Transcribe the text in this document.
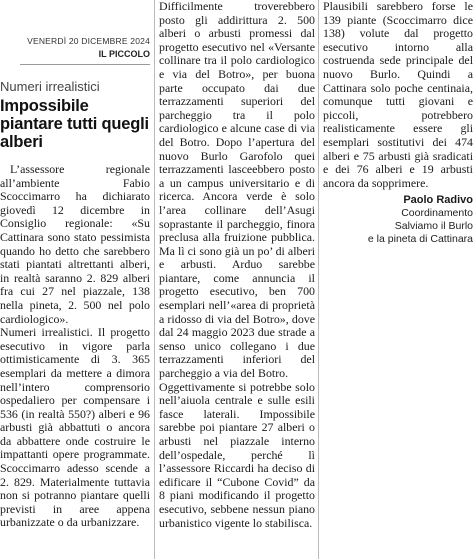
VENERDÌ 20 DICEMBRE 2024
IL PICCOLO
Numeri irrealistici
Impossibile piantare tutti quegli alberi

L’assessore regionale all’ambiente Fabio Scoccimarro ha dichiarato giovedì 12 dicembre in Consiglio regionale: «Su Cattinara sono stato pessimista quando ho detto che sarebbero stati piantati altrettanti alberi, in realtà saranno 2. 829 alberi fra cui 27 nel piazzale, 138 nella pineta, 2. 500 nel polo cardiologico».

Numeri irrealistici. Il progetto esecutivo in vigore parla ottimisticamente di 3. 365 esemplari da mettere a dimora nell’intero comprensorio ospedaliero per compensare i 536 (in realtà 550?) alberi e 96 arbusti già abbattuti o ancora da abbattere onde costruire le impattanti opere programmate. Scoccimarro adesso scende a 2. 829. Materialmente tuttavia non si potranno piantare quelli previsti in aree appena urbanizzate o da urbanizzare.

Difficilmente troverebbero posto gli addirittura 2. 500 alberi o arbusti promessi dal progetto esecutivo nel «Versante collinare tra il polo cardiologico e via del Botro», per buona parte occupato dai due terrazzamenti superiori del parcheggio tra il polo cardiologico e alcune case di via del Botro. Dopo l’apertura del nuovo Burlo Garofolo quei terrazzamenti lasceebbero posto a un campus universitario e di ricerca. Ancora verde è solo l’area collinare dell’Asugi soprastante il parcheggio, finora preclusa alla fruizione pubblica. Ma lì ci sono già un po’ di alberi e arbusti. Arduo sarebbe piantare, come annuncia il progetto esecutivo, ben 700 esemplari nell’«area di proprietà a ridosso di via del Botro», dove dal 24 maggio 2023 due strade a senso unico collegano i due terrazzamenti inferiori del parcheggio a via del Botro.

Oggettivamente si potrebbe solo nell’aiuola centrale e sulle esili fasce laterali. Impossibile sarebbe poi piantare 27 alberi o arbusti nel piazzale interno dell’ospedale, perché lì l’assessore Riccardi ha deciso di edificare il “Cubone Covid” da 8 piani modificando il progetto esecutivo, sebbene nessun piano urbanistico vigente lo stabilisca.

Plausibili sarebbero forse le 139 piante (Scoccimarro dice 138) volute dal progetto esecutivo intorno alla costruenda sede principale del nuovo Burlo. Quindi a Cattinara solo poche centinaia, comunque tutti giovani e piccoli, potrebbero realisticamente essere gli esemplari sostitutivi dei 474 alberi e 75 arbusti già sradicati e dei 76 alberi e 19 arbusti ancora da sopprimere.

Paolo Radivo
Coordinamento
Salviamo il Burlo
e la pineta di Cattinara
